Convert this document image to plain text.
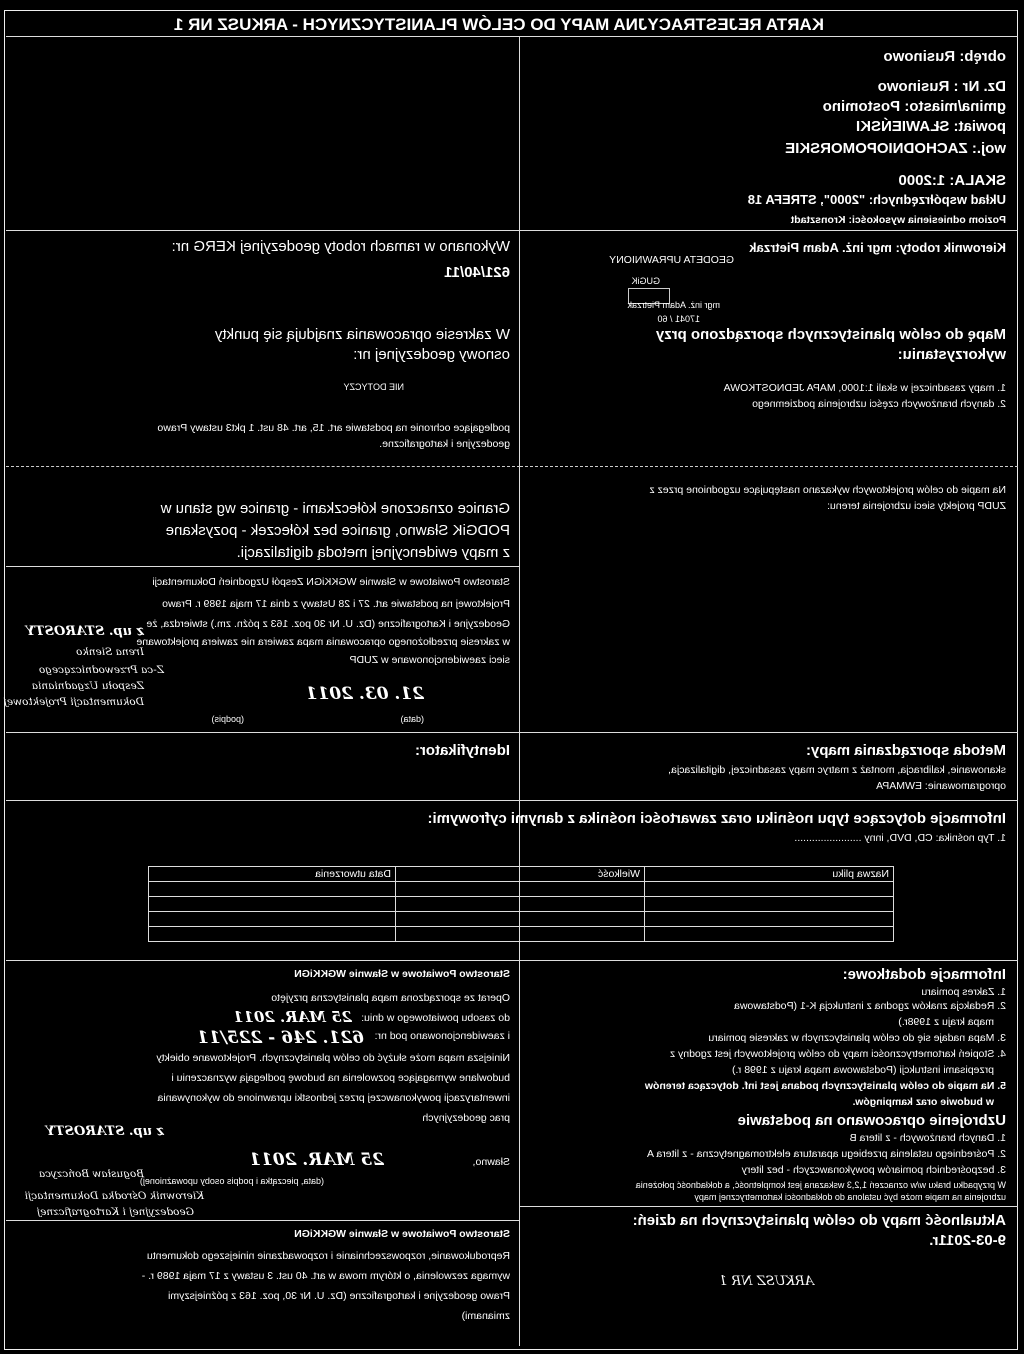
KARTA REJESTRACYJNA MAPY DO CELÓW PLANISTYCZNYCH - ARKUSZ NR 1
obręb: Rusinowo
Dz. Nr : Rusinowo
gmina/miasto: Postomino
powiat: SŁAWIEŃSKI
woj.: ZACHODNIOPOMORSKIE
SKALA: 1:2000
Układ współrzędnych: "2000", STREFA 18
Poziom odniesienia wysokości: Kronsztadt
Kierownik roboty: mgr inż. Adam Pietrzak
GEODETA UPRAWNIONY
GUGiK
mgr inż. Adam Pietrzak
17041 / 60
Mapę do celów planistycznych sporządzono przy
wykorzystaniu:
1. mapy zasadniczej w skali 1:1000, MAPA JEDNOSTKOWA
2. danych branżowych części uzbrojenia podziemnego
Na mapie do celów projektowych wykazano następujące uzgodnione przez z
ZUDP projekty sieci uzbrojenia terenu:
Wykonano w ramach roboty geodezyjnej KERG nr:
621/40/11
W zakresie opracowania znajdują się punkty
osnowy geodezyjnej nr:
NIE DOTYCZY
podlegające ochronie na podstawie art. 15, art. 48 ust. 1 pkt3 ustawy Prawo
geodezyjne i kartograficzne.
Granice oznaczone kółeczkami - granice wg stanu w
PODGiK Sławno, granice bez kółeczek - pozyskane
z mapy ewidencyjnej metodą digitalizacji.
Starostwo Powiatowe w Sławnie WGKKiGN Zespół Uzgodnień Dokumentacji
Projektowej na podstawie art. 27 i 28 Ustawy z dnia 17 maja 1989 r. Prawo
Geodezyjne i Kartograficzne (Dz. U. Nr 30 poz. 163 z późn. zm.) stwierdza, że
w zakresie przedłożonego opracowania mapa zawiera nie zawiera projektowane
sieci zaewidencjonowane w ZUDP
z up. STAROSTY
Irena Sienko
Z-ca Przewodniczącego
Zespołu Uzgadniania
Dokumentacji Projektowej	21. 03. 2011
(data)
(podpis)
Metoda sporządzania mapy:
skanowanie, kalibracja, montaż z matryc mapy zasadniczej, digitalizacja,
oprogramowanie: EWMAPA
Identyfikator:
Informacje dotyczące typu nośniku oraz zawartości nośnika z danymi cyfrowymi:
1. Typ nośnika: CD, DVD, inny .......................
Nazwa pliku	Wielkość	Data utworzenia

Informacje dodatkowe:
1. Zakres pomiaru
2. Redakcja znaków zgodna z instrukcją K-1 (Podstawowa
mapa kraju z 1998r.)
3. Mapa nadaje się do celów planistycznych w zakresie pomiaru
4. Stopień kartometryczności mapy do celów projektowych jest zgodny z
przepisami instrukcji (Podstawowa mapa kraju z 1998 r.)
5. Na mapie do celów planistycznych podana jest inf. dotycząca terenów
w budowie oraz kampingów.
Uzbrojenie opracowano na podstawie
1. Danych branżowych - z litera B
2. Pośredniego ustalenia przebiegu aparatura elektromagnetyczna - z litera A
3. bezpośrednich pomiarów powykonawczych - bez litery
W przypadku braku w/w oznaczeń 1,2,3 wskazana jest kompletność, a dokładność położenia
uzbrojenia na mapie może być ustalona do dokładności kartometrycznej mapy
Aktualność mapy do celów planistycznych na dzień:
9-03-2011r.
ARKUSZ NR 1
Starostwo Powiatowe w Sławnie WGKKiGN
Operat ze sporządzona mapa planistyczna przyjęto
do zasobu powiatowego w dniu:
25 MAR. 2011
i zaewidencjonowano pod nr:
621. 246 - 225/11
Niniejsza mapa może służyć do celów planistycznych. Projektowane obiekty
budowlane wymagające pozwolenia na budowę podlegają wyznaczeniu i
inwentaryzacji powykonawczej przez jednostki uprawnione do wykonywania
prac geodezyjnych
z up. STAROSTY
Sławno,
25 MAR. 2011
(data, pieczątka i podpis osoby upoważnionej)
Bogusław Bończyca
Kierownik Ośrodka Dokumentacji
Geodezyjnej i Kartograficznej
Starostwo Powiatowe w Sławnie WGKKiGN
Reprodukowanie, rozpowszechnianie i rozpowadzanie niniejszego dokumentu
wymaga zezwolenia, o którym mowa w art. 40 ust. 3 ustawy z 17 maja 1989 r. -
Prawo geodezyjne i kartograficzne (Dz. U. Nr 30, poz. 163 z późniejszymi
zmianami)
